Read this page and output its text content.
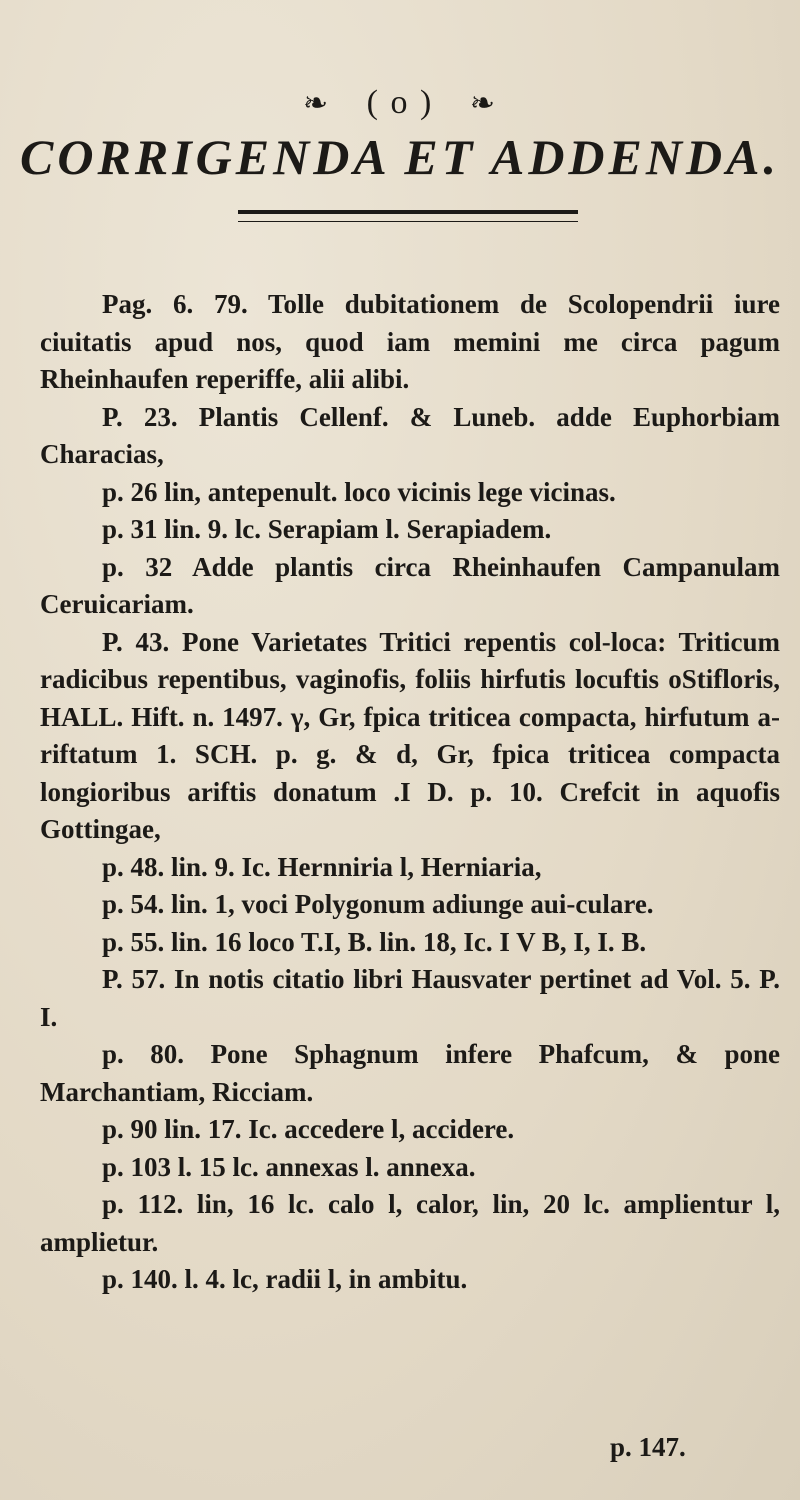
❧ ( o ) ❧
CORRIGENDA ET ADDENDA.

Pag. 6. 79. Tolle dubitationem de Scolopendrii iure ciuitatis apud nos, quod iam memini me circa pagum Rheinhaufen reperiffe, alii alibi.

P. 23. Plantis Cellenf. & Luneb. adde Euphorbiam Characias,

p. 26 lin, antepenult. loco vicinis lege vicinas.

p. 31 lin. 9. lc. Serapiam l. Serapiadem.

p. 32 Adde plantis circa Rheinhaufen Campanulam Ceruicariam.

P. 43. Pone Varietates Tritici repentis col-loca: Triticum radicibus repentibus, vaginofis, foliis hirfutis locuftis oStifloris, HALL. Hift. n. 1497. γ, Gr, fpica triticea compacta, hirfutum a-riftatum 1. SCH. p. g. & d, Gr, fpica triticea compacta longioribus ariftis donatum .I D. p. 10. Crefcit in aquofis Gottingae,

p. 48. lin. 9. Ic. Hernniria l, Herniaria,

p. 54. lin. 1, voci Polygonum adiunge aui-culare.

p. 55. lin. 16 loco T.I, B. lin. 18, Ic. I V B, I, I. B.

P. 57. In notis citatio libri Hausvater pertinet ad Vol. 5. P. I.

p. 80. Pone Sphagnum infere Phafcum, & pone Marchantiam, Ricciam.

p. 90 lin. 17. Ic. accedere l, accidere.

p. 103 l. 15 lc. annexas l. annexa.

p. 112. lin, 16 lc. calo l, calor, lin, 20 lc. amplientur l, amplietur.

p. 140. l. 4. lc, radii l, in ambitu.

p. 147.
